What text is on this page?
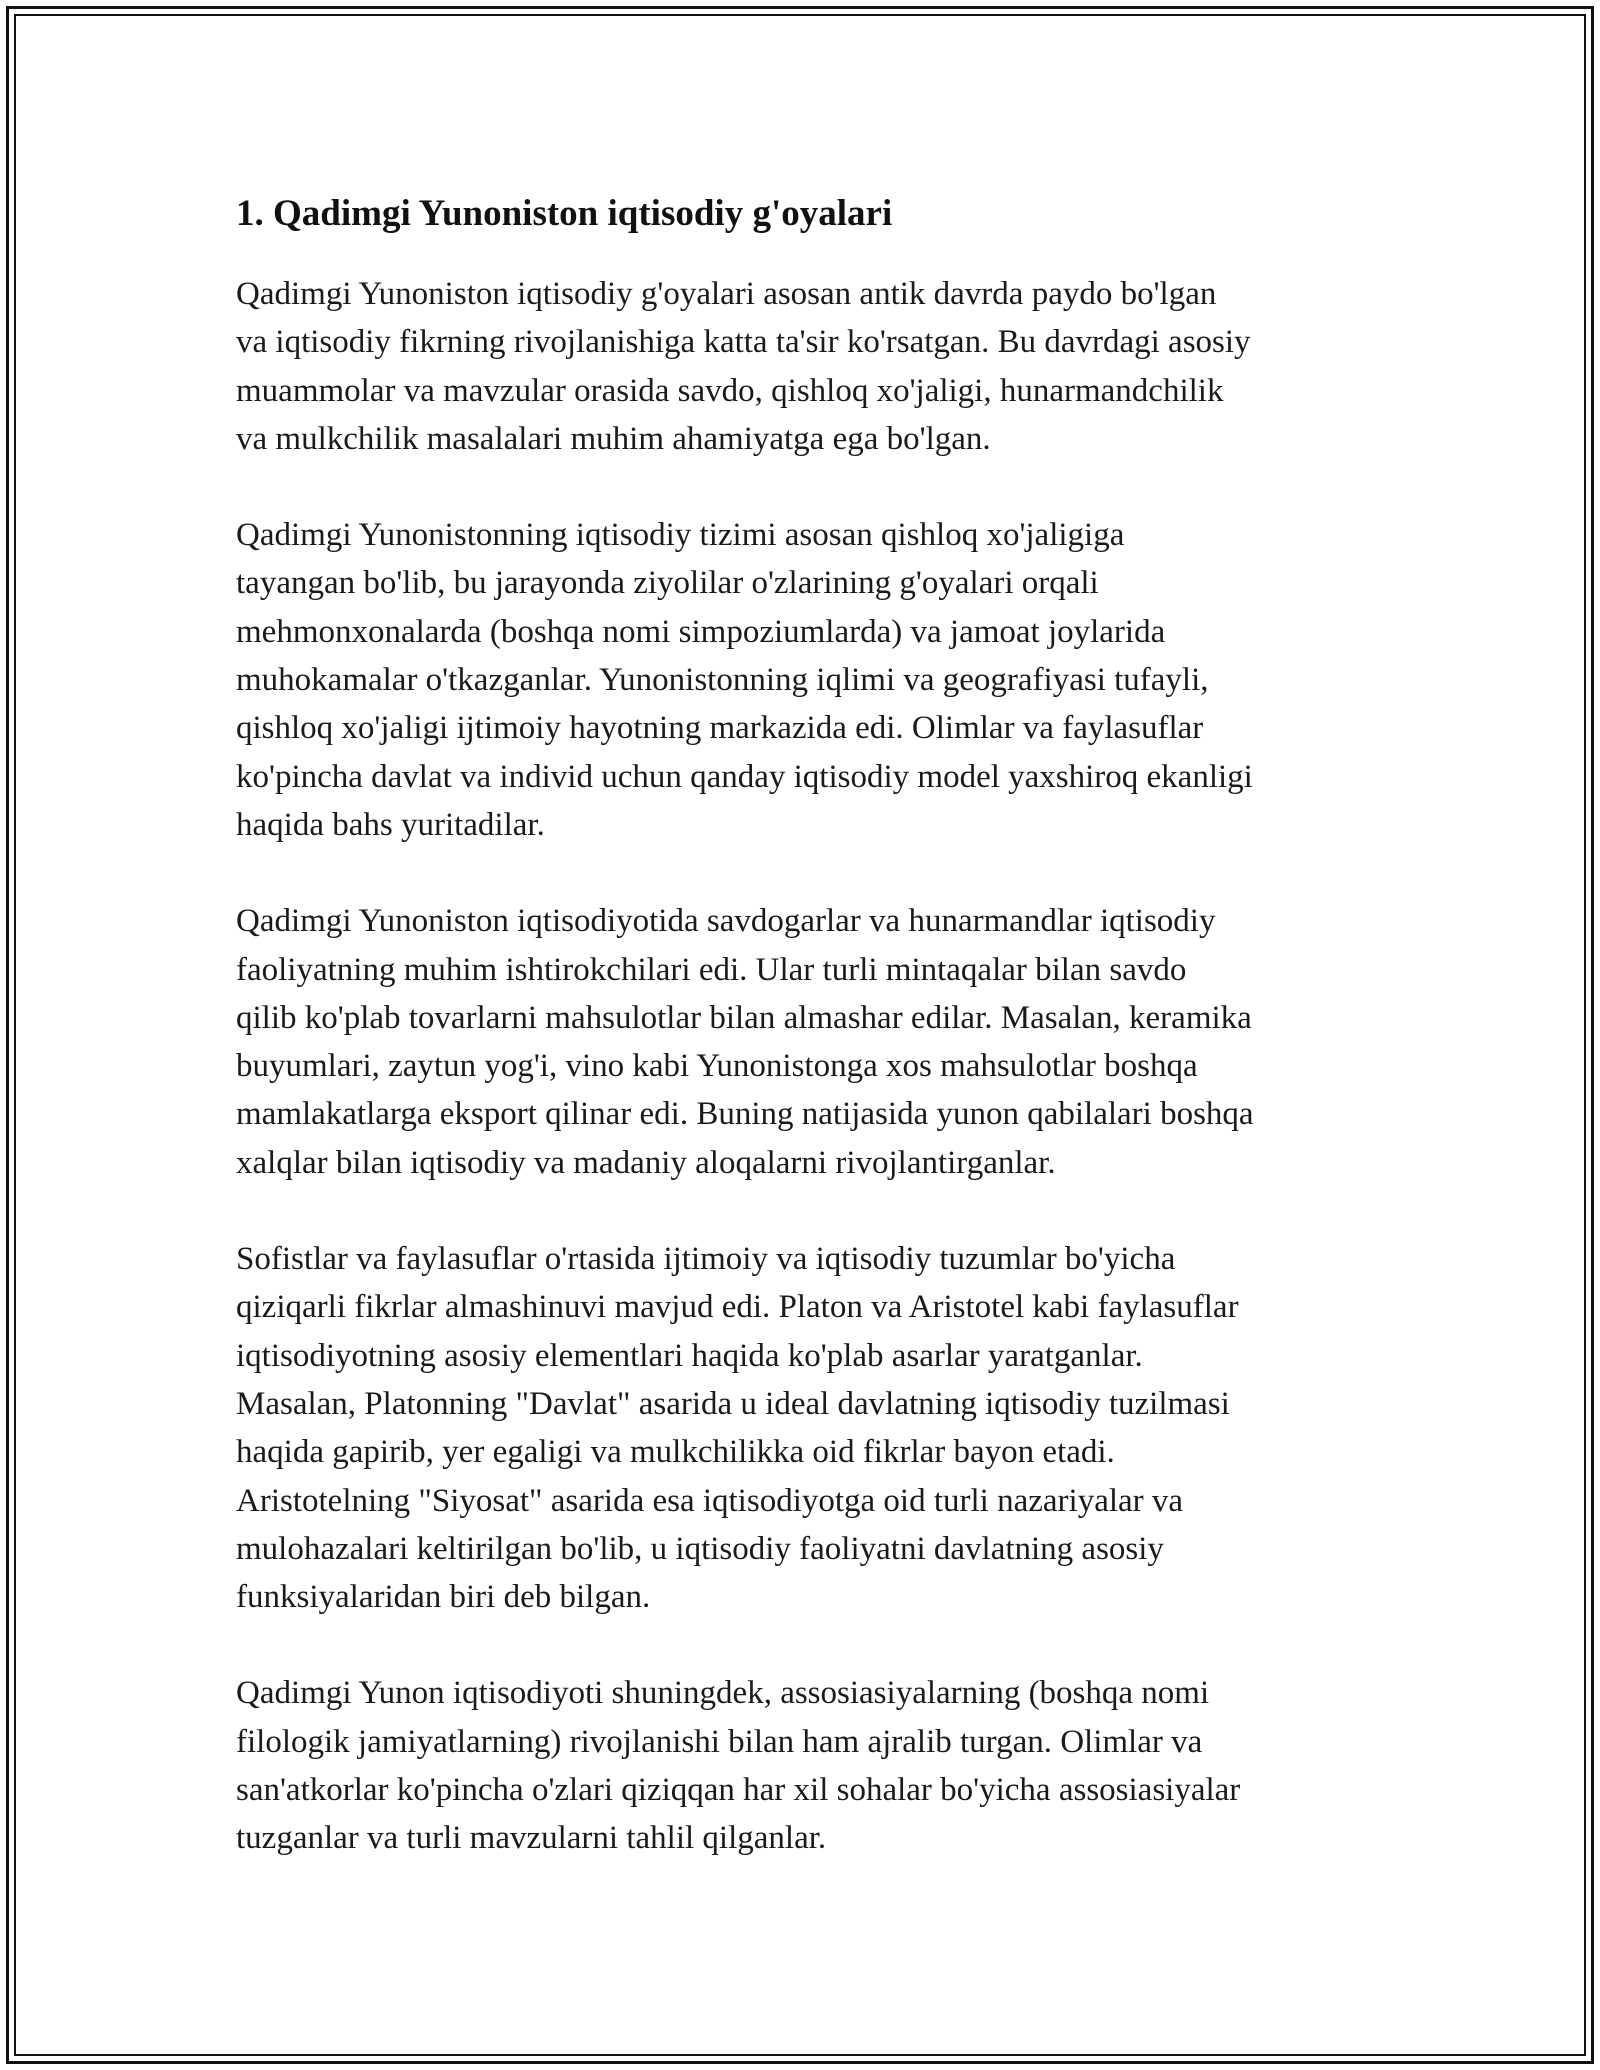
1. Qadimgi Yunoniston iqtisodiy g'oyalari

Qadimgi Yunoniston iqtisodiy g'oyalari asosan antik davrda paydo bo'lgan
va iqtisodiy fikrning rivojlanishiga katta ta'sir ko'rsatgan. Bu davrdagi asosiy
muammolar va mavzular orasida savdo, qishloq xo'jaligi, hunarmandchilik
va mulkchilik masalalari muhim ahamiyatga ega bo'lgan.

Qadimgi Yunonistonning iqtisodiy tizimi asosan qishloq xo'jaligiga
tayangan bo'lib, bu jarayonda ziyolilar o'zlarining g'oyalari orqali
mehmonxonalarda (boshqa nomi simpoziumlarda) va jamoat joylarida
muhokamalar o'tkazganlar. Yunonistonning iqlimi va geografiyasi tufayli,
qishloq xo'jaligi ijtimoiy hayotning markazida edi. Olimlar va faylasuflar
ko'pincha davlat va individ uchun qanday iqtisodiy model yaxshiroq ekanligi
haqida bahs yuritadilar.

Qadimgi Yunoniston iqtisodiyotida savdogarlar va hunarmandlar iqtisodiy
faoliyatning muhim ishtirokchilari edi. Ular turli mintaqalar bilan savdo
qilib ko'plab tovarlarni mahsulotlar bilan almashar edilar. Masalan, keramika
buyumlari, zaytun yog'i, vino kabi Yunonistonga xos mahsulotlar boshqa
mamlakatlarga eksport qilinar edi. Buning natijasida yunon qabilalari boshqa
xalqlar bilan iqtisodiy va madaniy aloqalarni rivojlantirganlar.

Sofistlar va faylasuflar o'rtasida ijtimoiy va iqtisodiy tuzumlar bo'yicha
qiziqarli fikrlar almashinuvi mavjud edi. Platon va Aristotel kabi faylasuflar
iqtisodiyotning asosiy elementlari haqida ko'plab asarlar yaratganlar.
Masalan, Platonning "Davlat" asarida u ideal davlatning iqtisodiy tuzilmasi
haqida gapirib, yer egaligi va mulkchilikka oid fikrlar bayon etadi.
Aristotelning "Siyosat" asarida esa iqtisodiyotga oid turli nazariyalar va
mulohazalari keltirilgan bo'lib, u iqtisodiy faoliyatni davlatning asosiy
funksiyalaridan biri deb bilgan.

Qadimgi Yunon iqtisodiyoti shuningdek, assosiasiyalarning (boshqa nomi
filologik jamiyatlarning) rivojlanishi bilan ham ajralib turgan. Olimlar va
san'atkorlar ko'pincha o'zlari qiziqqan har xil sohalar bo'yicha assosiasiyalar
tuzganlar va turli mavzularni tahlil qilganlar.
